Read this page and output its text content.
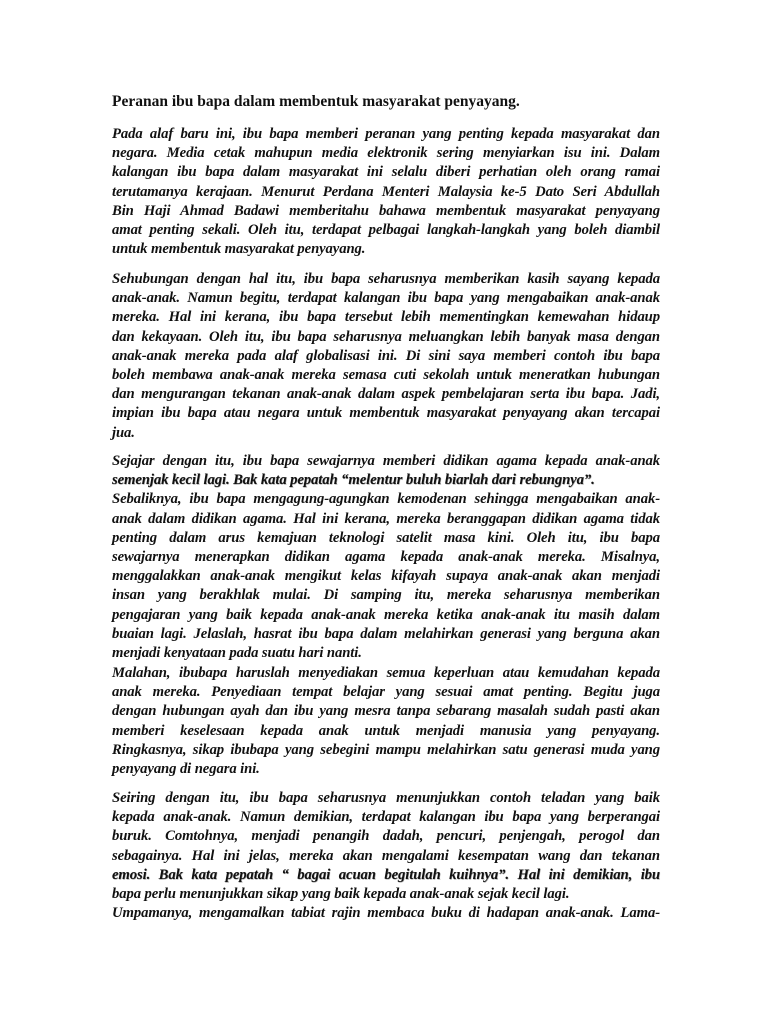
Peranan ibu bapa dalam membentuk masyarakat penyayang.
Pada alaf baru ini, ibu bapa memberi peranan yang penting kepada masyarakat dan
negara. Media cetak mahupun media elektronik sering menyiarkan isu ini. Dalam
kalangan ibu bapa dalam masyarakat ini selalu diberi perhatian oleh orang ramai
terutamanya kerajaan. Menurut Perdana Menteri Malaysia ke-5 Dato Seri Abdullah
Bin Haji Ahmad Badawi memberitahu bahawa membentuk masyarakat penyayang
amat penting sekali. Oleh itu, terdapat pelbagai langkah-langkah yang boleh diambil
untuk membentuk masyarakat penyayang.
Sehubungan dengan hal itu, ibu bapa seharusnya memberikan kasih sayang kepada
anak-anak. Namun begitu, terdapat kalangan ibu bapa yang mengabaikan anak-anak
mereka. Hal ini kerana, ibu bapa tersebut lebih mementingkan kemewahan hidaup
dan kekayaan. Oleh itu, ibu bapa seharusnya meluangkan lebih banyak masa dengan
anak-anak mereka pada alaf globalisasi ini. Di sini saya memberi contoh ibu bapa
boleh membawa anak-anak mereka semasa cuti sekolah untuk meneratkan hubungan
dan mengurangan tekanan anak-anak dalam aspek pembelajaran serta ibu bapa. Jadi,
impian ibu bapa atau negara untuk membentuk masyarakat penyayang akan tercapai
jua.
Sejajar dengan itu, ibu bapa sewajarnya memberi didikan agama kepada anak-anak
semenjak kecil lagi. Bak kata pepatah “melentur buluh biarlah dari rebungnya”.
Sebaliknya, ibu bapa mengagung-agungkan kemodenan sehingga mengabaikan anak-
anak dalam didikan agama. Hal ini kerana, mereka beranggapan didikan agama tidak
penting dalam arus kemajuan teknologi satelit masa kini. Oleh itu, ibu bapa
sewajarnya menerapkan didikan agama kepada anak-anak mereka. Misalnya,
menggalakkan anak-anak mengikut kelas kifayah supaya anak-anak akan menjadi
insan yang berakhlak mulai. Di samping itu, mereka seharusnya memberikan
pengajaran yang baik kepada anak-anak mereka ketika anak-anak itu masih dalam
buaian lagi. Jelaslah, hasrat ibu bapa dalam melahirkan generasi yang berguna akan
menjadi kenyataan pada suatu hari nanti.
Malahan, ibubapa haruslah menyediakan semua keperluan atau kemudahan kepada
anak mereka. Penyediaan tempat belajar yang sesuai amat penting. Begitu juga
dengan hubungan ayah dan ibu yang mesra tanpa sebarang masalah sudah pasti akan
memberi keselesaan kepada anak untuk menjadi manusia yang penyayang.
Ringkasnya, sikap ibubapa yang sebegini mampu melahirkan satu generasi muda yang
penyayang di negara ini.
Seiring dengan itu, ibu bapa seharusnya menunjukkan contoh teladan yang baik
kepada anak-anak. Namun demikian, terdapat kalangan ibu bapa yang berperangai
buruk. Comtohnya, menjadi penangih dadah, pencuri, penjengah, perogol dan
sebagainya. Hal ini jelas, mereka akan mengalami kesempatan wang dan tekanan
emosi. Bak kata pepatah “ bagai acuan begitulah kuihnya”. Hal ini demikian, ibu
bapa perlu menunjukkan sikap yang baik kepada anak-anak sejak kecil lagi.
Umpamanya, mengamalkan tabiat rajin membaca buku di hadapan anak-anak. Lama-
